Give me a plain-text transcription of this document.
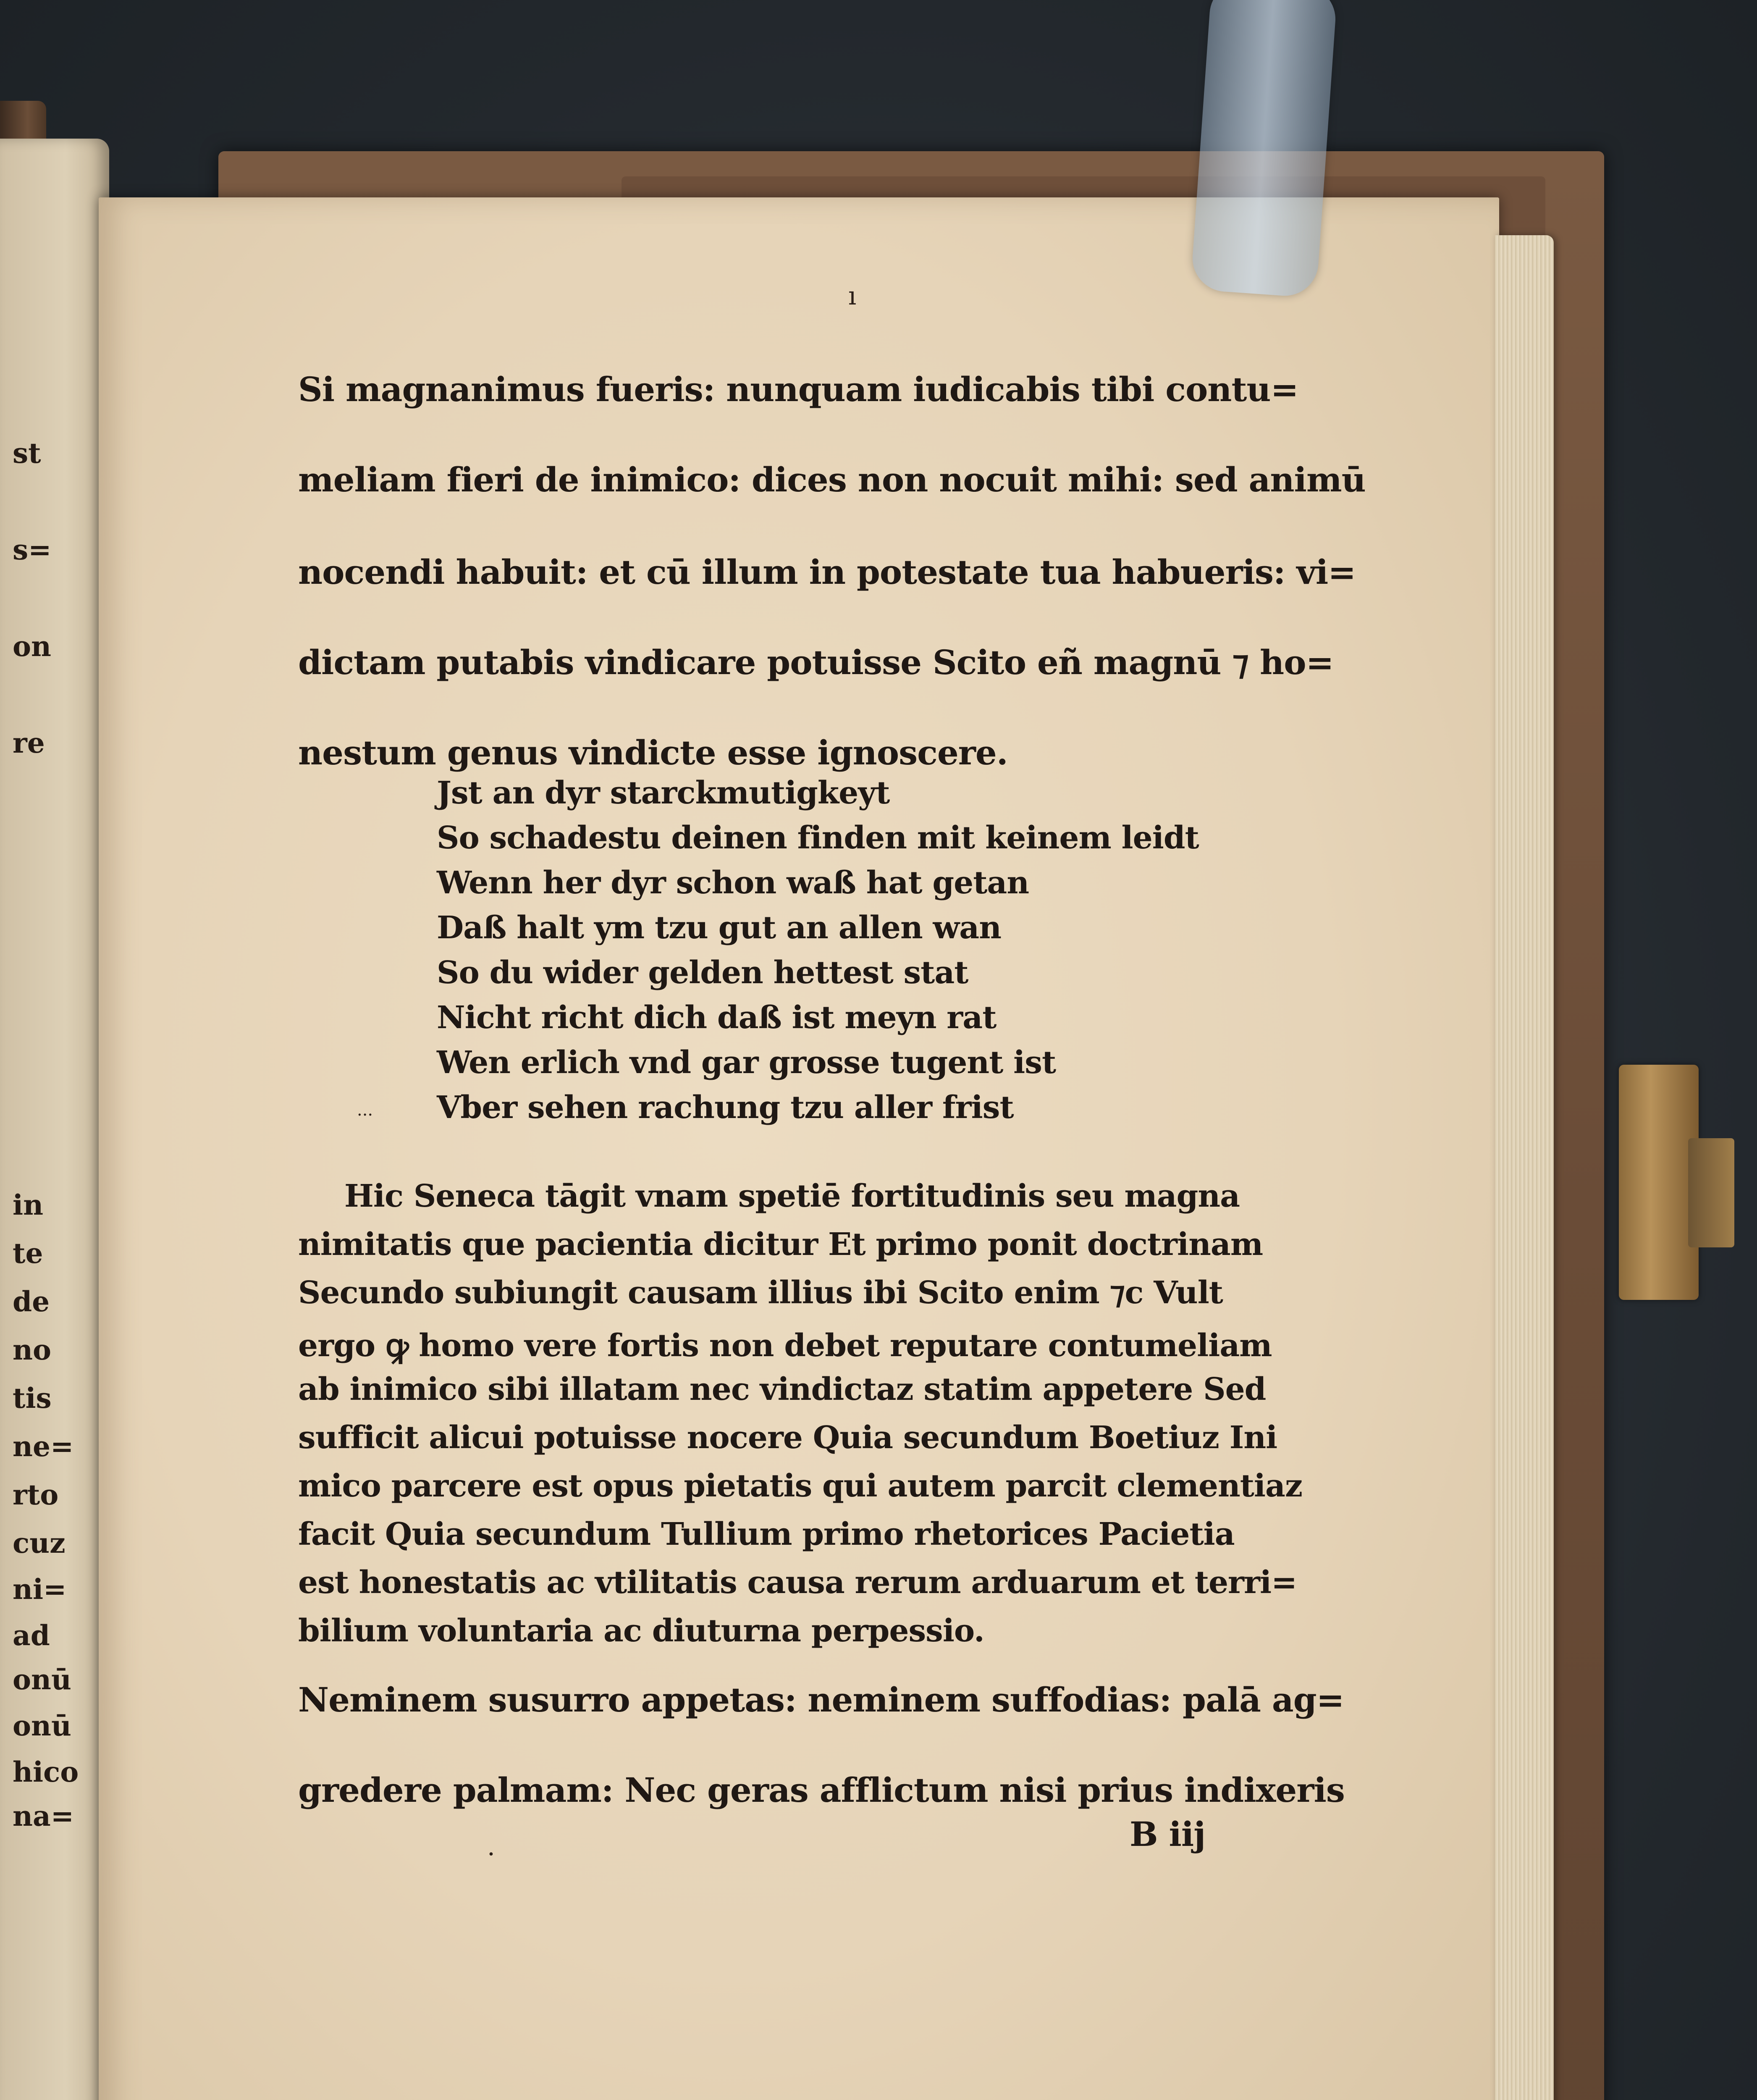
st
s=
on
re
in
te
de
no
tis
ne=
rto
cuz
ni=
ad
onū
onū
hico
na=
ı
Si magnanimus fueris: nunquam iudicabis tibi contu=
meliam fieri de inimico: dices non nocuit mihi: sed animū
nocendi habuit: et cū illum in potestate tua habueris: vi=
dictam putabis vindicare potuisse Scito eñ magnū ⁊ ho=
nestum genus vindicte esse ignoscere.
Jst an dyr starckmutigkeyt
So schadestu deinen finden mit keinem leidt
Wenn her dyr schon waß hat getan
Daß halt ym tzu gut an allen wan
So du wider gelden hettest stat
Nicht richt dich daß ist meyn rat
Wen erlich vnd gar grosse tugent ist
Vber sehen rachung tzu aller frist
...
Hic Seneca tāgit vnam spetiē fortitudinis seu magna
nimitatis que pacientia dicitur Et primo ponit doctrinam
Secundo subiungit causam illius ibi Scito enim ⁊c Vult
ergo ꝙ homo vere fortis non debet reputare contumeliam
ab inimico sibi illatam nec vindictaz statim appetere Sed
sufficit alicui potuisse nocere Quia secundum Boetiuz Ini
mico parcere est opus pietatis qui autem parcit clementiaz
facit Quia secundum Tullium primo rhetorices Pacietia
est honestatis ac vtilitatis causa rerum arduarum et terri=
bilium voluntaria ac diuturna perpessio.
Neminem susurro appetas: neminem suffodias: palā ag=
gredere palmam: Nec geras afflictum nisi prius indixeris
B iij
·
